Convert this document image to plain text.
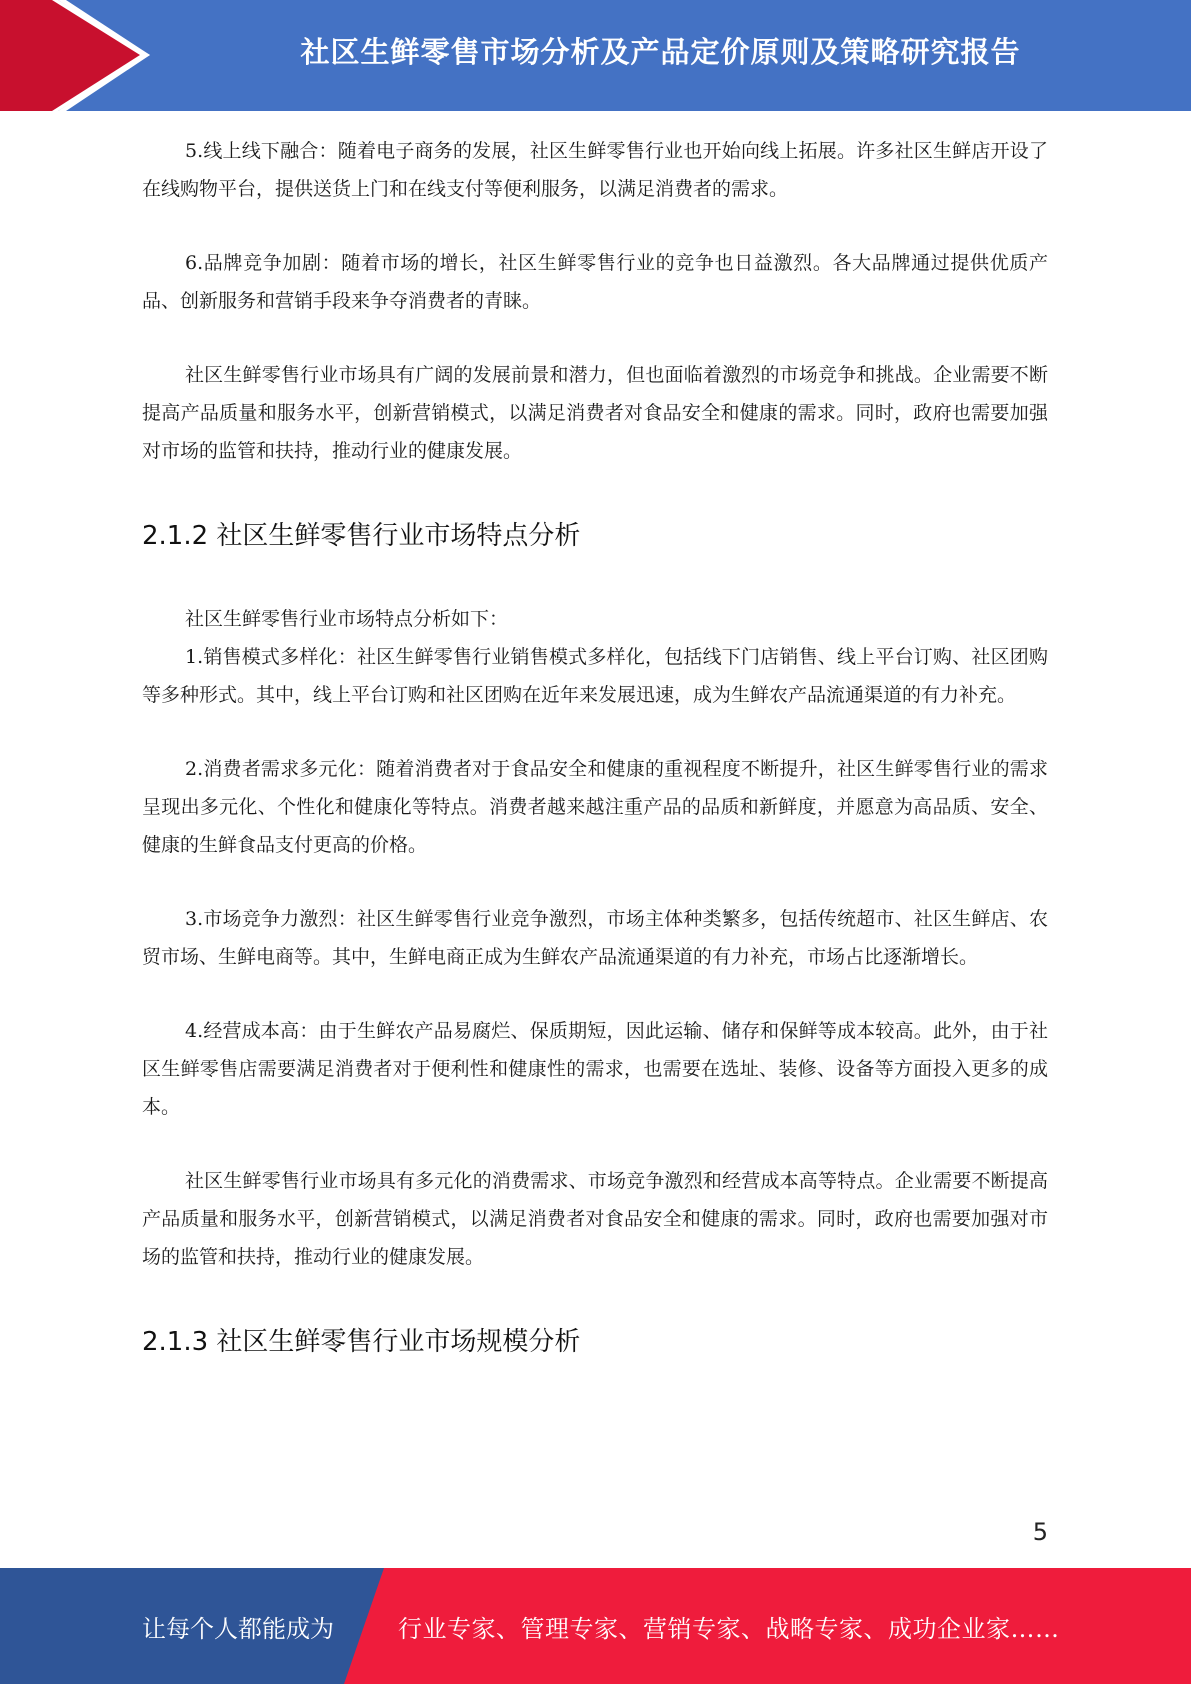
社区生鲜零售市场分析及产品定价原则及策略研究报告

5.线上线下融合：随着电子商务的发展，社区生鲜零售行业也开始向线上拓展。许多社区生鲜店开设了在线购物平台，提供送货上门和在线支付等便利服务，以满足消费者的需求。

6.品牌竞争加剧：随着市场的增长，社区生鲜零售行业的竞争也日益激烈。各大品牌通过提供优质产品、创新服务和营销手段来争夺消费者的青睐。

社区生鲜零售行业市场具有广阔的发展前景和潜力，但也面临着激烈的市场竞争和挑战。企业需要不断提高产品质量和服务水平，创新营销模式，以满足消费者对食品安全和健康的需求。同时，政府也需要加强对市场的监管和扶持，推动行业的健康发展。

2.1.2 社区生鲜零售行业市场特点分析

社区生鲜零售行业市场特点分析如下：

1.销售模式多样化：社区生鲜零售行业销售模式多样化，包括线下门店销售、线上平台订购、社区团购等多种形式。其中，线上平台订购和社区团购在近年来发展迅速，成为生鲜农产品流通渠道的有力补充。

2.消费者需求多元化：随着消费者对于食品安全和健康的重视程度不断提升，社区生鲜零售行业的需求呈现出多元化、个性化和健康化等特点。消费者越来越注重产品的品质和新鲜度，并愿意为高品质、安全、健康的生鲜食品支付更高的价格。

3.市场竞争力激烈：社区生鲜零售行业竞争激烈，市场主体种类繁多，包括传统超市、社区生鲜店、农贸市场、生鲜电商等。其中，生鲜电商正成为生鲜农产品流通渠道的有力补充，市场占比逐渐增长。

4.经营成本高：由于生鲜农产品易腐烂、保质期短，因此运输、储存和保鲜等成本较高。此外，由于社区生鲜零售店需要满足消费者对于便利性和健康性的需求，也需要在选址、装修、设备等方面投入更多的成本。

社区生鲜零售行业市场具有多元化的消费需求、市场竞争激烈和经营成本高等特点。企业需要不断提高产品质量和服务水平，创新营销模式，以满足消费者对食品安全和健康的需求。同时，政府也需要加强对市场的监管和扶持，推动行业的健康发展。

2.1.3 社区生鲜零售行业市场规模分析
5
让每个人都能成为	行业专家、管理专家、营销专家、战略专家、成功企业家……
